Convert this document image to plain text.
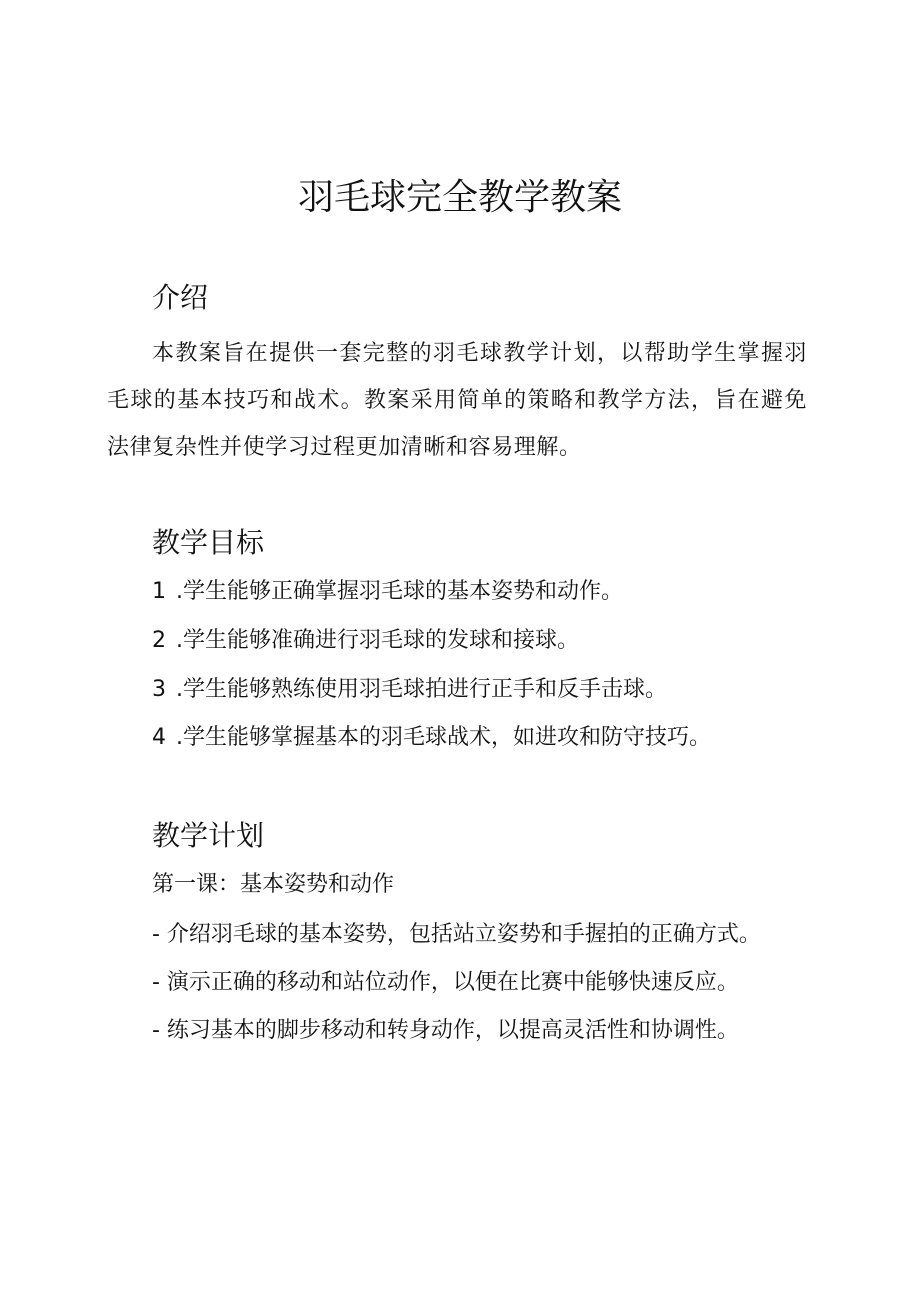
羽毛球完全教学教案
介绍

本教案旨在提供一套完整的羽毛球教学计划，以帮助学生掌握羽毛球的基本技巧和战术。教案采用简单的策略和教学方法，旨在避免法律复杂性并使学习过程更加清晰和容易理解。

教学目标

1 .学生能够正确掌握羽毛球的基本姿势和动作。

2 .学生能够准确进行羽毛球的发球和接球。

3 .学生能够熟练使用羽毛球拍进行正手和反手击球。

4 .学生能够掌握基本的羽毛球战术，如进攻和防守技巧。

教学计划

第一课：基本姿势和动作

- 介绍羽毛球的基本姿势，包括站立姿势和手握拍的正确方式。

- 演示正确的移动和站位动作，以便在比赛中能够快速反应。

- 练习基本的脚步移动和转身动作，以提高灵活性和协调性。
